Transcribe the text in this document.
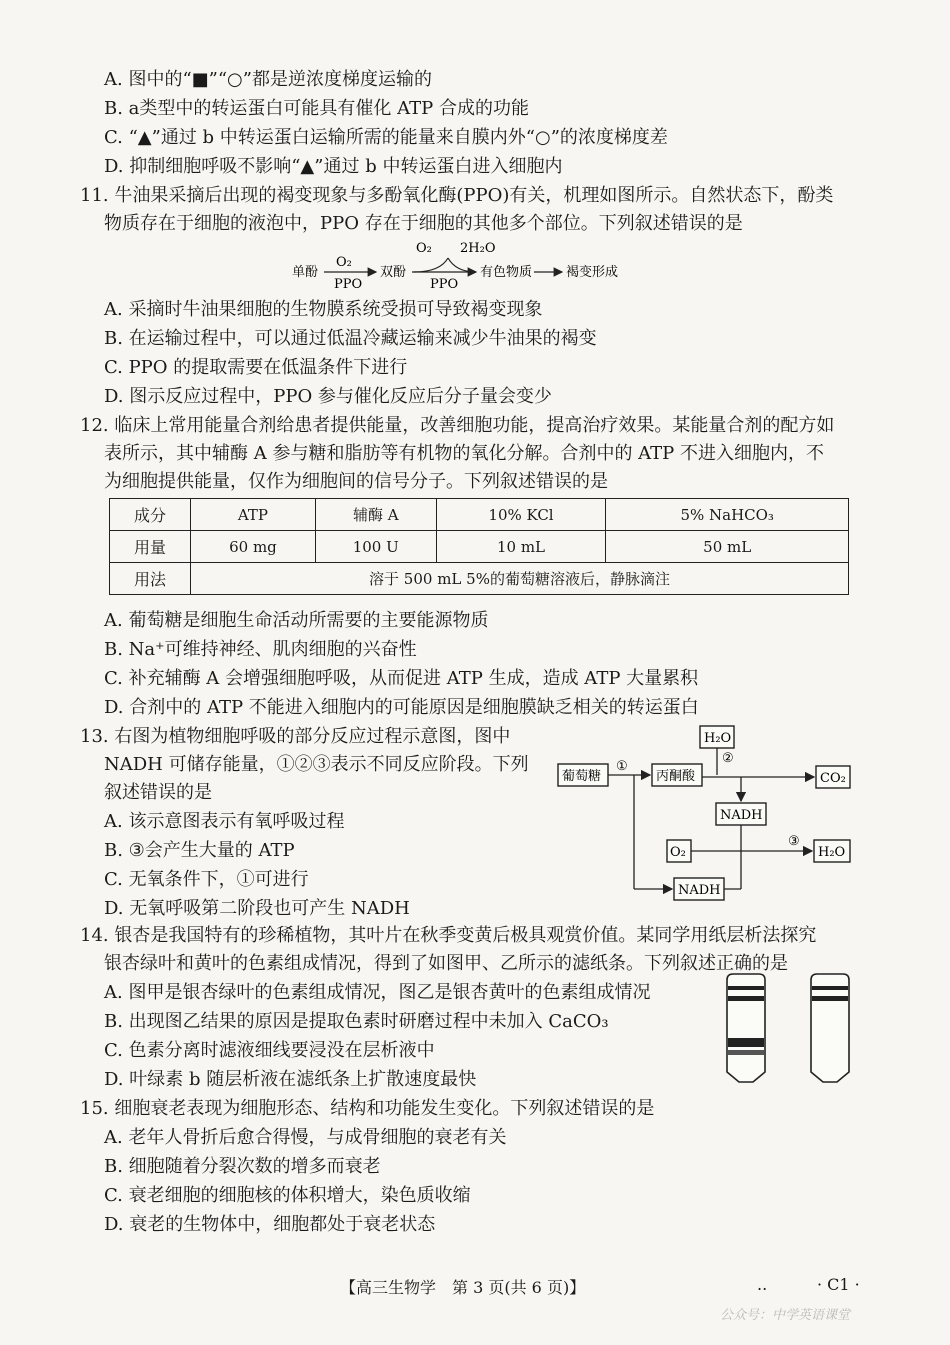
A. 图中的“■”“○”都是逆浓度梯度运输的
B. a类型中的转运蛋白可能具有催化 ATP 合成的功能
C. “▲”通过 b 中转运蛋白运输所需的能量来自膜内外“○”的浓度梯度差
D. 抑制细胞呼吸不影响“▲”通过 b 中转运蛋白进入细胞内
11. 牛油果采摘后出现的褐变现象与多酚氧化酶(PPO)有关，机理如图所示。自然状态下，酚类
物质存在于细胞的液泡中，PPO 存在于细胞的其他多个部位。下列叙述错误的是
单酚
O₂
PPO
双酚
O₂ 2H₂O
PPO
有色物质	褐变形成
A. 采摘时牛油果细胞的生物膜系统受损可导致褐变现象
B. 在运输过程中，可以通过低温冷藏运输来减少牛油果的褐变
C. PPO 的提取需要在低温条件下进行
D. 图示反应过程中，PPO 参与催化反应后分子量会变少
12. 临床上常用能量合剂给患者提供能量，改善细胞功能，提高治疗效果。某能量合剂的配方如
表所示，其中辅酶 A 参与糖和脂肪等有机物的氧化分解。合剂中的 ATP 不进入细胞内，不
为细胞提供能量，仅作为细胞间的信号分子。下列叙述错误的是
成分	ATP	辅酶 A	10% KCl	5% NaHCO₃
用量	60 mg	100 U	10 mL	50 mL
用法	溶于 500 mL 5%的葡萄糖溶液后，静脉滴注			
A. 葡萄糖是细胞生命活动所需要的主要能源物质
B. Na⁺可维持神经、肌肉细胞的兴奋性
C. 补充辅酶 A 会增强细胞呼吸，从而促进 ATP 生成，造成 ATP 大量累积
D. 合剂中的 ATP 不能进入细胞内的可能原因是细胞膜缺乏相关的转运蛋白
13. 右图为植物细胞呼吸的部分反应过程示意图，图中
NADH 可储存能量，①②③表示不同反应阶段。下列
叙述错误的是
A. 该示意图表示有氧呼吸过程
B. ③会产生大量的 ATP
C. 无氧条件下，①可进行
D. 无氧呼吸第二阶段也可产生 NADH
葡萄糖	丙酮酸
H₂O
CO₂
NADH
O₂	H₂O
NADH
①
②
③
14. 银杏是我国特有的珍稀植物，其叶片在秋季变黄后极具观赏价值。某同学用纸层析法探究
银杏绿叶和黄叶的色素组成情况，得到了如图甲、乙所示的滤纸条。下列叙述正确的是
A. 图甲是银杏绿叶的色素组成情况，图乙是银杏黄叶的色素组成情况
B. 出现图乙结果的原因是提取色素时研磨过程中未加入 CaCO₃
C. 色素分离时滤液细线要浸没在层析液中
D. 叶绿素 b 随层析液在滤纸条上扩散速度最快
15. 细胞衰老表现为细胞形态、结构和功能发生变化。下列叙述错误的是
A. 老年人骨折后愈合得慢，与成骨细胞的衰老有关
B. 细胞随着分裂次数的增多而衰老
C. 衰老细胞的细胞核的体积增大，染色质收缩
D. 衰老的生物体中，细胞都处于衰老状态
【高三生物学　第 3 页(共 6 页)】	..	· C1 ·
公众号：中学英语课堂
